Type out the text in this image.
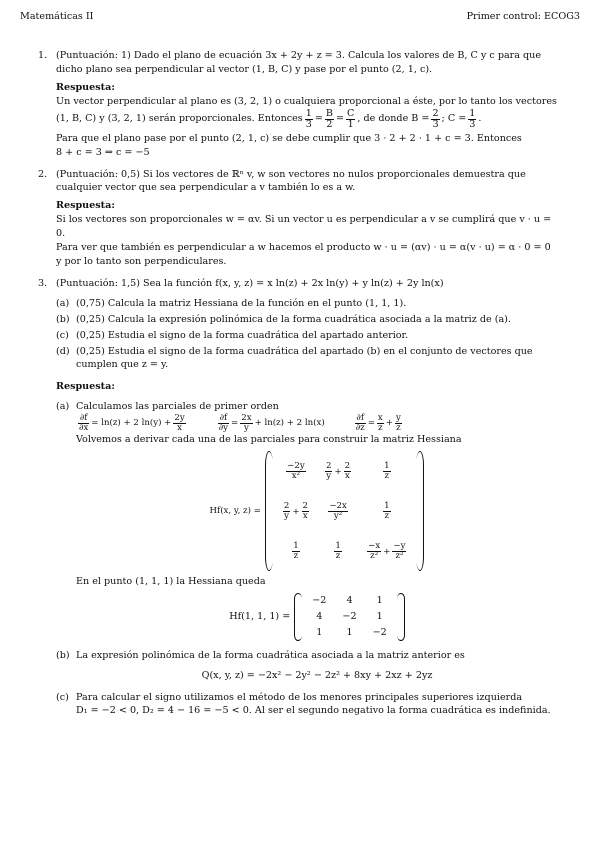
Matemáticas II	Primer control: ECOG3
1. (Puntuación: 1) Dado el plano de ecuación 3x + 2y + z = 3. Calcula los valores de B, C y c para que

dicho plano sea perpendicular al vector (1, B, C) y pase por el punto (2, 1, c).

Respuesta:

Un vector perpendicular al plano es (3, 2, 1) o cualquiera proporcional a éste, por lo tanto los vectores

(1, B, C) y (3, 2, 1) serán proporcionales. Entonces $\frac{1}{3} = \frac{B}{2} = \frac{C}{1}$ , de donde $B = \frac{2}{3}$ ; $C = \frac{1}{3}$ .

Para que el plano pase por el punto (2, 1, c) se debe cumplir que 3 · 2 + 2 · 1 + c = 3. Entonces

8 + c = 3 ⇒ c = −5

2. (Puntuación: 0,5) Si los vectores de ℝⁿ v, w son vectores no nulos proporcionales demuestra que

cualquier vector que sea perpendicular a v también lo es a w.

Respuesta:

Si los vectores son proporcionales w = αv. Si un vector u es perpendicular a v se cumplirá que v · u = 0.

Para ver que también es perpendicular a w hacemos el producto w · u = (αv) · u = α(v · u) = α · 0 = 0

y por lo tanto son perpendiculares.

3. (Puntuación: 1,5) Sea la función f(x, y, z) = x ln(z) + 2x ln(y) + y ln(z) + 2y ln(x)

(a) (0,75) Calcula la matriz Hessiana de la función en el punto (1, 1, 1).

(b) (0,25) Calcula la expresión polinómica de la forma cuadrática asociada a la matriz de (a).

(c) (0,25) Estudia el signo de la forma cuadrática del apartado anterior.

(d) (0,25) Estudia el signo de la forma cuadrática del apartado (b) en el conjunto de vectores que

cumplen que z = y.

Respuesta:

(a) Calculamos las parciales de primer orden

$\frac{\partial f}{\partial x} = \ln(z) + 2$ $\ln(y) + \frac{2y}{x}$	$\frac{\partial f}{\partial y} = \frac{2x}{y} + \ln(z) + 2$ ln(x)	$\frac{\partial f}{\partial z} = \frac{x}{z} + \frac{y}{z}$

Volvemos a derivar cada una de las parciales para construir la matriz Hessiana

Hf(x, y, z) =
$\frac{-2y}{\text{x²}}$	$\frac{2}{y} + \frac{2}{x}$	$\frac{1}{z}$

$\frac{2}{y} + \frac{2}{x}$	$\frac{-2x}{\text{y²}}$	$\frac{1}{z}$

$\frac{1}{z}$	$\frac{1}{z}$	$\frac{-x}{\text{z²}} + \frac{-y}{\text{z²}}$

En el punto (1, 1, 1) la Hessiana queda

Hf(1, 1, 1) =
−2	4	1
4	−2	1
1	1	−2
(b) La expresión polinómica de la forma cuadrática asociada a la matriz anterior es

Q(x, y, z) = −2x² − 2y² − 2z² + 8xy + 2xz + 2yz

(c) Para calcular el signo utilizamos el método de los menores principales superiores izquierda

D₁ = −2 < 0, D₂ = 4 − 16 = −5 < 0. Al ser el segundo negativo la forma cuadrática es indefinida.
